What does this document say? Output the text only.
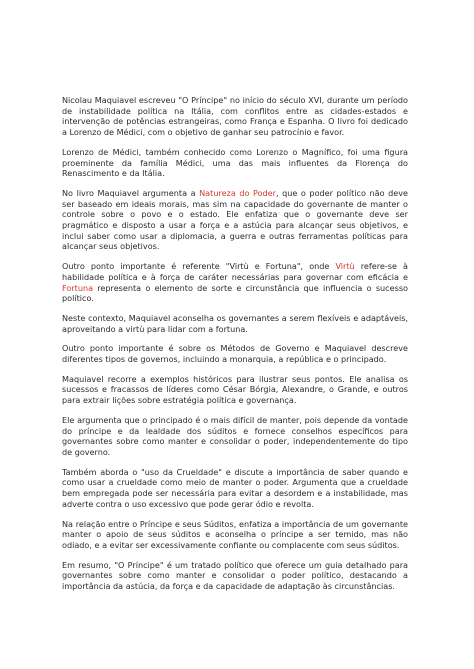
Nicolau Maquiavel escreveu "O Príncipe" no início do século XVI, durante um período de instabilidade política na Itália, com conflitos entre as cidades-estados e intervenção de potências estrangeiras, como França e Espanha. O livro foi dedicado a Lorenzo de Médici, com o objetivo de ganhar seu patrocínio e favor.

Lorenzo de Médici, também conhecido como Lorenzo o Magnífico, foi uma figura proeminente da família Médici, uma das mais influentes da Florença do Renascimento e da Itália.

No livro Maquiavel argumenta a Natureza do Poder, que o poder político não deve ser baseado em ideais morais, mas sim na capacidade do governante de manter o controle sobre o povo e o estado. Ele enfatiza que o governante deve ser pragmático e disposto a usar a força e a astúcia para alcançar seus objetivos, e inclui saber como usar a diplomacia, a guerra e outras ferramentas políticas para alcançar seus objetivos.

Outro ponto importante é referente "Virtù e Fortuna", onde Virtù refere-se à habilidade política e à força de caráter necessárias para governar com eficácia e Fortuna representa o elemento de sorte e circunstância que influencia o sucesso político.

Neste contexto, Maquiavel aconselha os governantes a serem flexíveis e adaptáveis, aproveitando a virtù para lidar com a fortuna.

Outro ponto importante é sobre os Métodos de Governo e Maquiavel descreve diferentes tipos de governos, incluindo a monarquia, a república e o principado.

Maquiavel recorre a exemplos históricos para ilustrar seus pontos. Ele analisa os sucessos e fracassos de líderes como César Bórgia, Alexandre, o Grande, e outros para extrair lições sobre estratégia política e governança.

Ele argumenta que o principado é o mais difícil de manter, pois depende da vontade do príncipe e da lealdade dos súditos e fornece conselhos específicos para governantes sobre como manter e consolidar o poder, independentemente do tipo de governo.

Também aborda o "uso da Crueldade" e discute a importância de saber quando e como usar a crueldade como meio de manter o poder. Argumenta que a crueldade bem empregada pode ser necessária para evitar a desordem e a instabilidade, mas adverte contra o uso excessivo que pode gerar ódio e revolta.

Na relação entre o Príncipe e seus Súditos, enfatiza a importância de um governante manter o apoio de seus súditos e aconselha o príncipe a ser temido, mas não odiado, e a evitar ser excessivamente confiante ou complacente com seus súditos.

Em resumo, "O Príncipe" é um tratado político que oferece um guia detalhado para governantes sobre como manter e consolidar o poder político, destacando a importância da astúcia, da força e da capacidade de adaptação às circunstâncias.
